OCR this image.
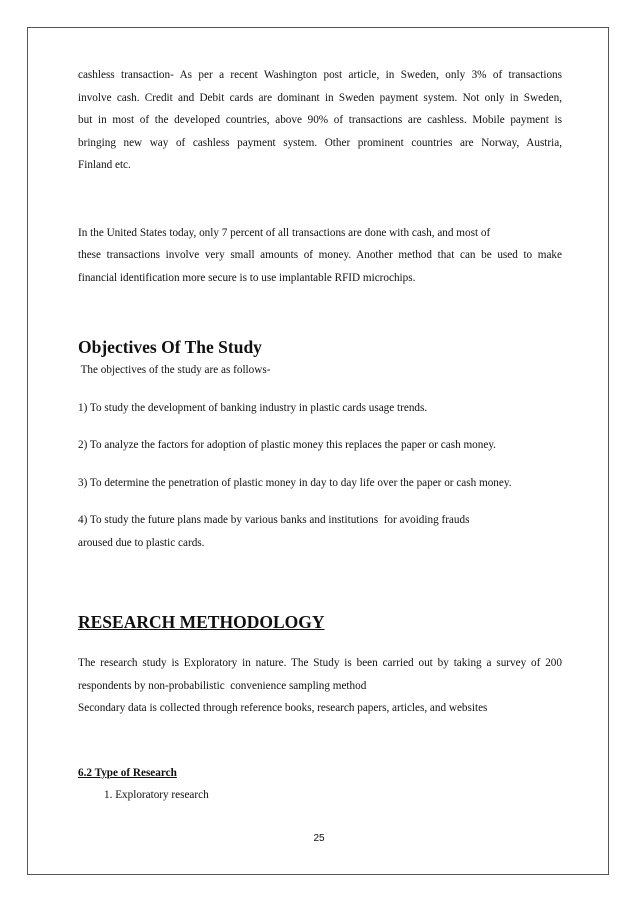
cashless transaction- As per a recent Washington post article, in Sweden, only 3% of transactions
involve cash. Credit and Debit cards are dominant in Sweden payment system. Not only in Sweden,
but in most of the developed countries, above 90% of transactions are cashless. Mobile payment is
bringing new way of cashless payment system. Other prominent countries are Norway, Austria,
Finland etc.
In the United States today, only 7 percent of all transactions are done with cash, and most of
these transactions involve very small amounts of money. Another method that can be used to make
financial identification more secure is to use implantable RFID microchips.
Objectives Of The Study

The objectives of the study are as follows-

1) To study the development of banking industry in plastic cards usage trends.

2) To analyze the factors for adoption of plastic money this replaces the paper or cash money.

3) To determine the penetration of plastic money in day to day life over the paper or cash money.

4) To study the future plans made by various banks and institutions  for avoiding frauds

aroused due to plastic cards.

RESEARCH METHODOLOGY
The research study is Exploratory in nature. The Study is been carried out by taking a survey of 200
respondents by non-probabilistic  convenience sampling method
Secondary data is collected through reference books, research papers, articles, and websites

6.2 Type of Research

1. Exploratory research

25
